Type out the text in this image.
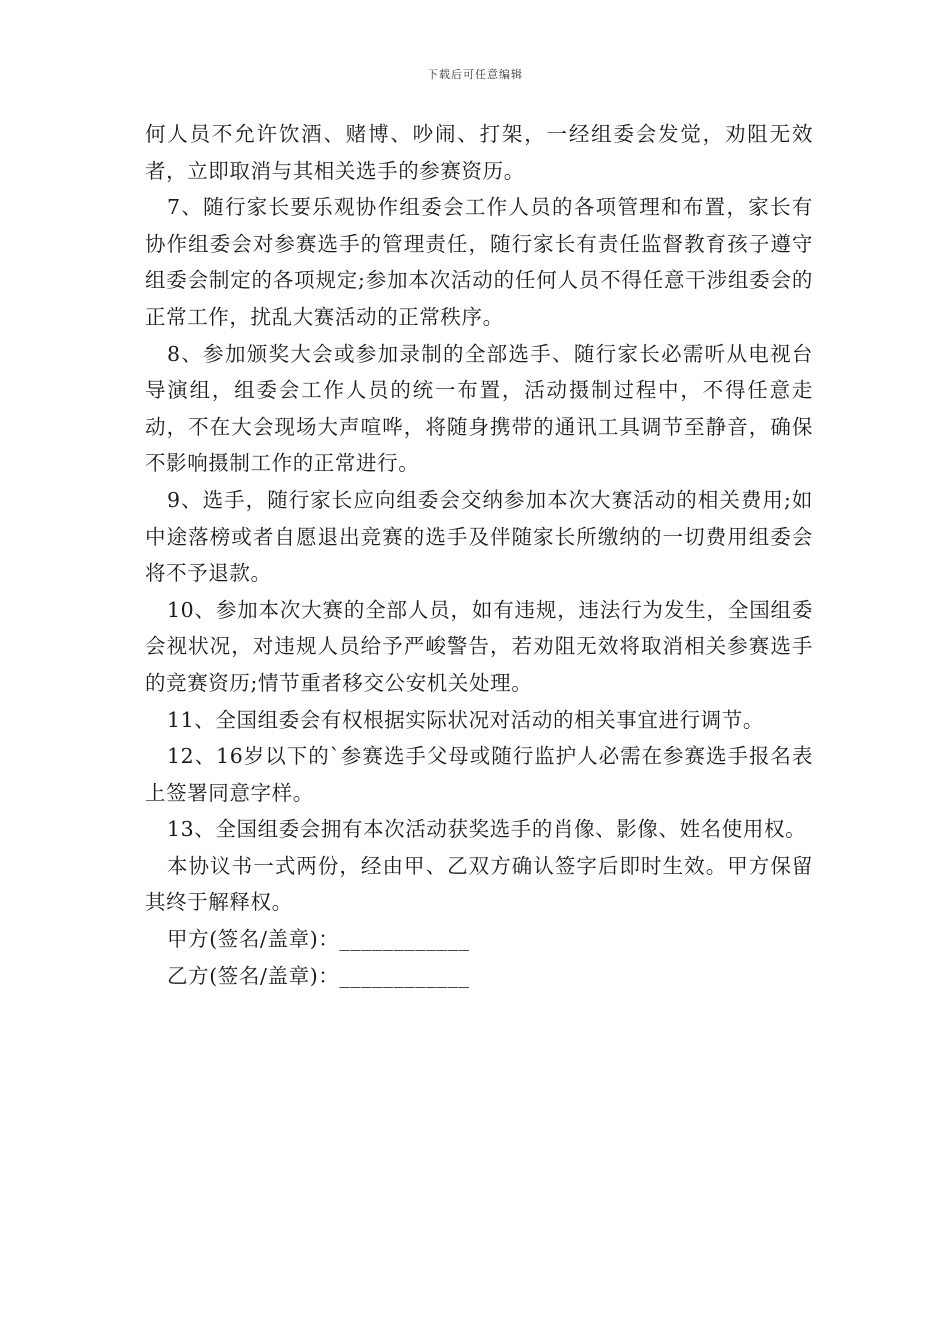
下载后可任意编辑

何人员不允许饮酒、赌博、吵闹、打架，一经组委会发觉，劝阻无效者，立即取消与其相关选手的参赛资历。

7、随行家长要乐观协作组委会工作人员的各项管理和布置，家长有协作组委会对参赛选手的管理责任，随行家长有责任监督教育孩子遵守组委会制定的各项规定;参加本次活动的任何人员不得任意干涉组委会的正常工作，扰乱大赛活动的正常秩序。

8、参加颁奖大会或参加录制的全部选手、随行家长必需听从电视台导演组，组委会工作人员的统一布置，活动摄制过程中，不得任意走动，不在大会现场大声喧哗，将随身携带的通讯工具调节至静音，确保不影响摄制工作的正常进行。

9、选手，随行家长应向组委会交纳参加本次大赛活动的相关费用;如中途落榜或者自愿退出竞赛的选手及伴随家长所缴纳的一切费用组委会将不予退款。

10、参加本次大赛的全部人员，如有违规，违法行为发生，全国组委会视状况，对违规人员给予严峻警告，若劝阻无效将取消相关参赛选手的竞赛资历;情节重者移交公安机关处理。

11、全国组委会有权根据实际状况对活动的相关事宜进行调节。

12、16岁以下的`参赛选手父母或随行监护人必需在参赛选手报名表上签署同意字样。

13、全国组委会拥有本次活动获奖选手的肖像、影像、姓名使用权。

本协议书一式两份，经由甲、乙双方确认签字后即时生效。甲方保留其终于解释权。

甲方(签名/盖章)：____________

乙方(签名/盖章)：____________
